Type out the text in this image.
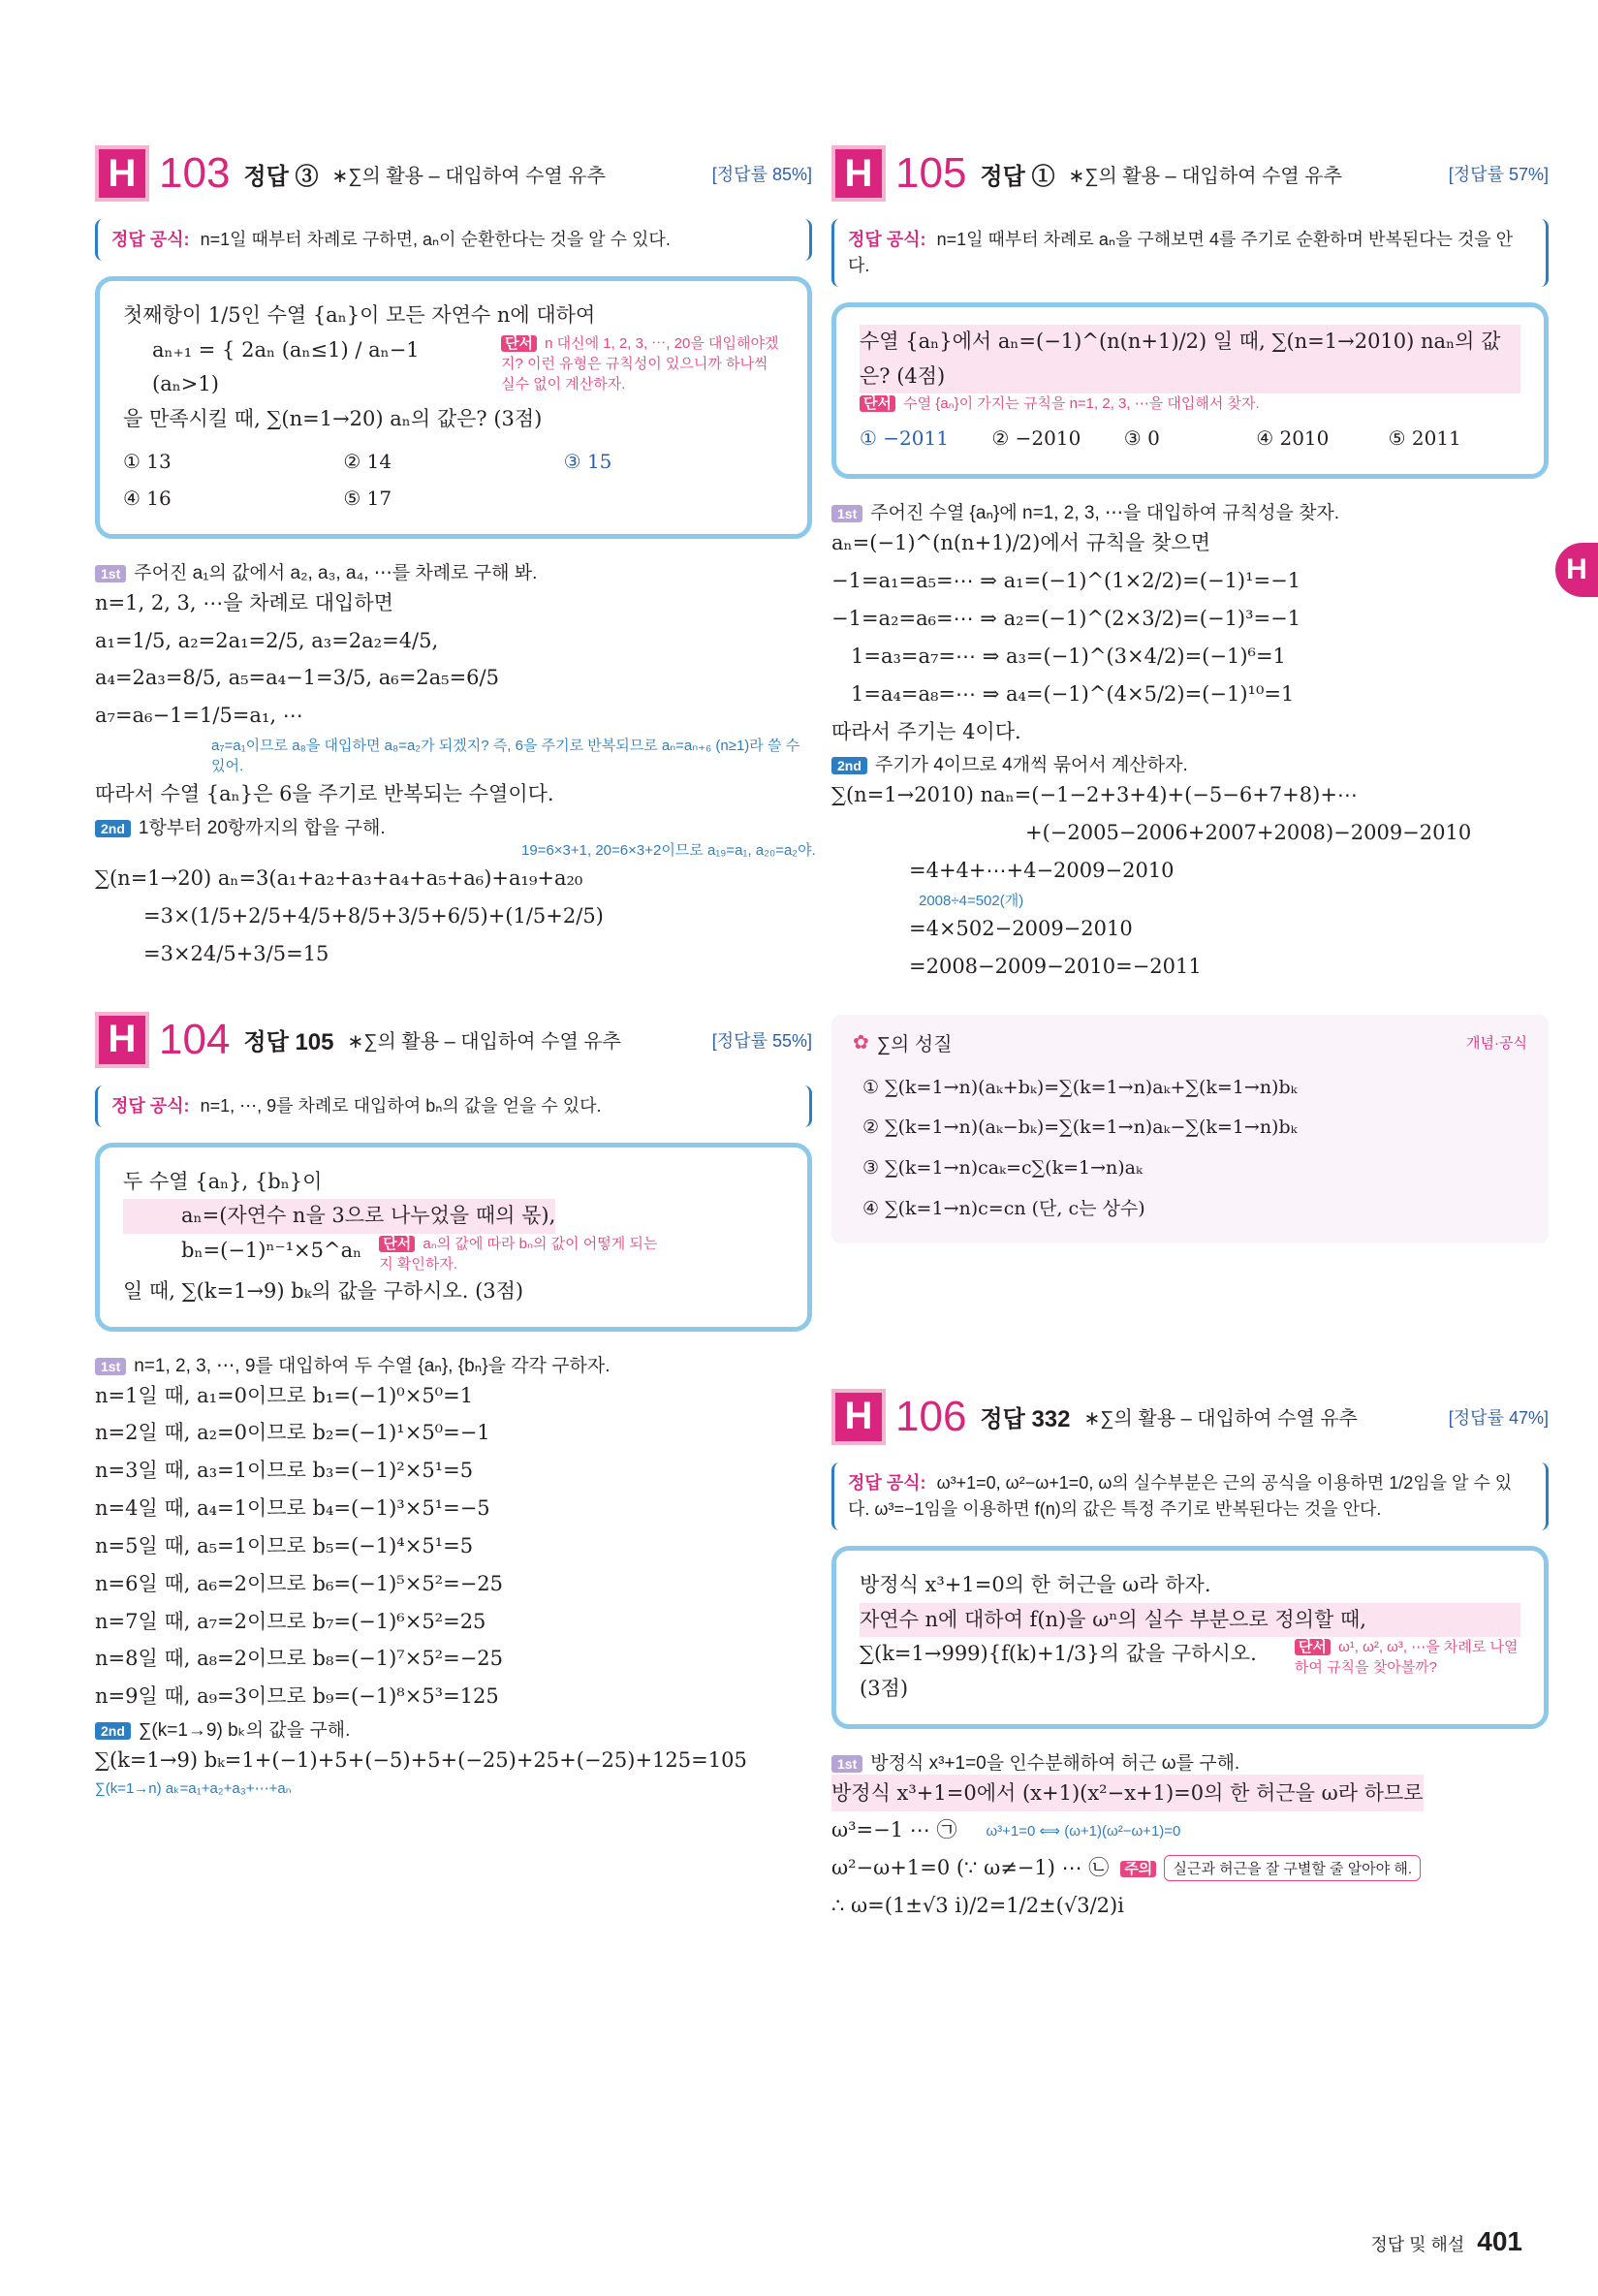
H 103 정답 ③ ∗∑의 활용 – 대입하여 수열 유추	[정답률 85%]
정답 공식: n=1일 때부터 차례로 구하면, aₙ이 순환한다는 것을 알 수 있다.
첫째항이 1/5인 수열 {aₙ}이 모든 자연수 n에 대하여
aₙ₊₁ = { 2aₙ (aₙ≤1) / aₙ−1 (aₙ>1)
단서 n 대신에 1, 2, 3, ⋯, 20을 대입해야겠지? 이런 유형은 규칙성이 있으니까 하나씩 실수 없이 계산하자.
을 만족시킬 때, ∑(n=1→20) aₙ의 값은? (3점)
① 13	② 14	③ 15
④ 16	⑤ 17
1st 주어진 a₁의 값에서 a₂, a₃, a₄, ⋯를 차례로 구해 봐.
n=1, 2, 3, ⋯을 차례로 대입하면
a₁=1/5, a₂=2a₁=2/5, a₃=2a₂=4/5,
a₄=2a₃=8/5, a₅=a₄−1=3/5, a₆=2a₅=6/5
a₇=a₆−1=1/5=a₁, ⋯
a₇=a₁이므로 a₈을 대입하면 a₈=a₂가 되겠지? 즉, 6을 주기로 반복되므로 aₙ=aₙ₊₆ (n≥1)라 쓸 수 있어.
따라서 수열 {aₙ}은 6을 주기로 반복되는 수열이다.
2nd 1항부터 20항까지의 합을 구해.
19=6×3+1, 20=6×3+2이므로 a₁₉=a₁, a₂₀=a₂야.
∑(n=1→20) aₙ=3(a₁+a₂+a₃+a₄+a₅+a₆)+a₁₉+a₂₀
=3×(1/5+2/5+4/5+8/5+3/5+6/5)+(1/5+2/5)
=3×24/5+3/5=15
H 104 정답 105 ∗∑의 활용 – 대입하여 수열 유추	[정답률 55%]
정답 공식: n=1, ⋯, 9를 차례로 대입하여 bₙ의 값을 얻을 수 있다.
두 수열 {aₙ}, {bₙ}이
aₙ=(자연수 n을 3으로 나누었을 때의 몫),
bₙ=(−1)ⁿ⁻¹×5^aₙ 단서 aₙ의 값에 따라 bₙ의 값이 어떻게 되는지 확인하자.
일 때, ∑(k=1→9) bₖ의 값을 구하시오. (3점)
1st n=1, 2, 3, ⋯, 9를 대입하여 두 수열 {aₙ}, {bₙ}을 각각 구하자.
n=1일 때, a₁=0이므로 b₁=(−1)⁰×5⁰=1
n=2일 때, a₂=0이므로 b₂=(−1)¹×5⁰=−1
n=3일 때, a₃=1이므로 b₃=(−1)²×5¹=5
n=4일 때, a₄=1이므로 b₄=(−1)³×5¹=−5
n=5일 때, a₅=1이므로 b₅=(−1)⁴×5¹=5
n=6일 때, a₆=2이므로 b₆=(−1)⁵×5²=−25
n=7일 때, a₇=2이므로 b₇=(−1)⁶×5²=25
n=8일 때, a₈=2이므로 b₈=(−1)⁷×5²=−25
n=9일 때, a₉=3이므로 b₉=(−1)⁸×5³=125
2nd ∑(k=1→9) bₖ의 값을 구해.
∑(k=1→9) bₖ=1+(−1)+5+(−5)+5+(−25)+25+(−25)+125=105
∑(k=1→n) aₖ=a₁+a₂+a₃+⋯+aₙ
H 105 정답 ① ∗∑의 활용 – 대입하여 수열 유추	[정답률 57%]
정답 공식: n=1일 때부터 차례로 aₙ을 구해보면 4를 주기로 순환하며 반복된다는 것을 안다.
수열 {aₙ}에서 aₙ=(−1)^(n(n+1)/2) 일 때, ∑(n=1→2010) naₙ의 값은? (4점)
단서 수열 {aₙ}이 가지는 규칙을 n=1, 2, 3, ⋯을 대입해서 찾자.
① −2011	② −2010	③ 0	④ 2010	⑤ 2011
1st 주어진 수열 {aₙ}에 n=1, 2, 3, ⋯을 대입하여 규칙성을 찾자.
aₙ=(−1)^(n(n+1)/2)에서 규칙을 찾으면
−1=a₁=a₅=⋯ ⇒ a₁=(−1)^(1×2/2)=(−1)¹=−1
−1=a₂=a₆=⋯ ⇒ a₂=(−1)^(2×3/2)=(−1)³=−1
1=a₃=a₇=⋯ ⇒ a₃=(−1)^(3×4/2)=(−1)⁶=1
1=a₄=a₈=⋯ ⇒ a₄=(−1)^(4×5/2)=(−1)¹⁰=1
따라서 주기는 4이다.
2nd 주기가 4이므로 4개씩 묶어서 계산하자.
∑(n=1→2010) naₙ=(−1−2+3+4)+(−5−6+7+8)+⋯
+(−2005−2006+2007+2008)−2009−2010
=4+4+⋯+4−2009−2010
2008÷4=502(개)
=4×502−2009−2010
=2008−2009−2010=−2011
✿ ∑의 성질	개념·공식
① ∑(k=1→n)(aₖ+bₖ)=∑(k=1→n)aₖ+∑(k=1→n)bₖ
② ∑(k=1→n)(aₖ−bₖ)=∑(k=1→n)aₖ−∑(k=1→n)bₖ
③ ∑(k=1→n)caₖ=c∑(k=1→n)aₖ
④ ∑(k=1→n)c=cn (단, c는 상수)
H 106 정답 332 ∗∑의 활용 – 대입하여 수열 유추	[정답률 47%]
정답 공식: ω³+1=0, ω²−ω+1=0, ω의 실수부분은 근의 공식을 이용하면 1/2임을 알 수 있다. ω³=−1임을 이용하면 f(n)의 값은 특정 주기로 반복된다는 것을 안다.
방정식 x³+1=0의 한 허근을 ω라 하자.
자연수 n에 대하여 f(n)을 ωⁿ의 실수 부분으로 정의할 때,
∑(k=1→999){f(k)+1/3}의 값을 구하시오. (3점)
단서 ω¹, ω², ω³, ⋯을 차례로 나열하여 규칙을 찾아볼까?
1st 방정식 x³+1=0을 인수분해하여 허근 ω를 구해.
방정식 x³+1=0에서 (x+1)(x²−x+1)=0의 한 허근을 ω라 하므로
ω³=−1 ⋯ ㉠ ω³+1=0 ⟺ (ω+1)(ω²−ω+1)=0
ω²−ω+1=0 (∵ ω≠−1) ⋯ ㉡ 주의 실근과 허근을 잘 구별할 줄 알아야 해.
∴ ω=(1±√3 i)/2=1/2±(√3/2)i
H
정답 및 해설 401
